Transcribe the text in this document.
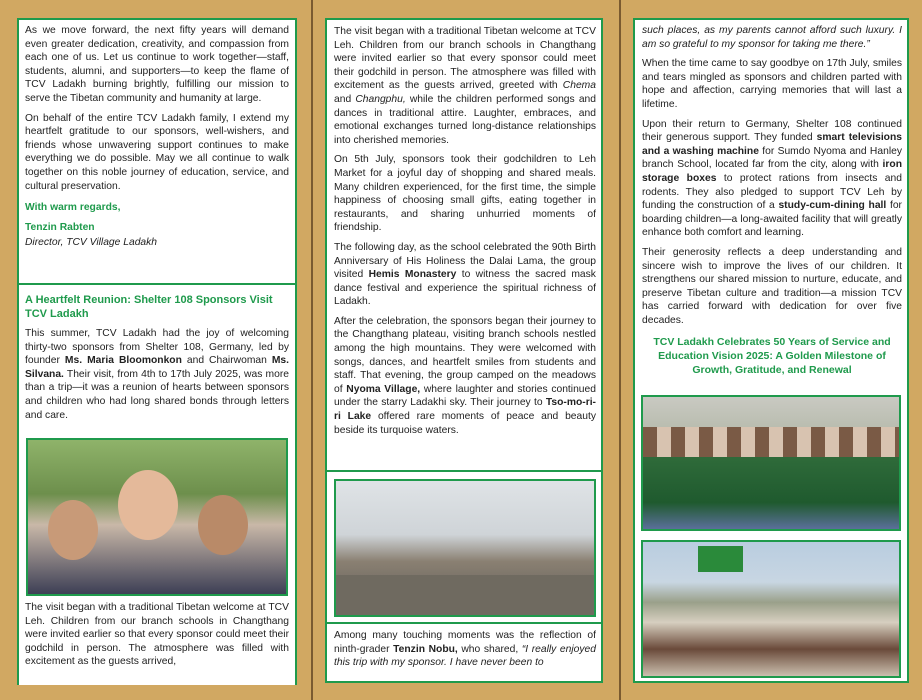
As we move forward, the next fifty years will demand even greater dedication, creativity, and compassion from each one of us. Let us continue to work together—staff, students, alumni, and supporters—to keep the flame of TCV Ladakh burning brightly, fulfilling our mission to serve the Tibetan community and humanity at large.

On behalf of the entire TCV Ladakh family, I extend my heartfelt gratitude to our sponsors, well-wishers, and friends whose unwavering support continues to make everything we do possible. May we all continue to walk together on this noble journey of education, service, and cultural preservation.

With warm regards,

Tenzin Rabten

Director, TCV Village Ladakh

A Heartfelt Reunion: Shelter 108 Sponsors Visit TCV Ladakh

This summer, TCV Ladakh had the joy of welcoming thirty-two sponsors from Shelter 108, Germany, led by founder Ms. Maria Bloomonkon and Chairwoman Ms. Silvana. Their visit, from 4th to 17th July 2025, was more than a trip—it was a reunion of hearts between sponsors and children who had long shared bonds through letters and care.

The visit began with a traditional Tibetan welcome at TCV Leh. Children from our branch schools in Changthang were invited earlier so that every sponsor could meet their godchild in person. The atmosphere was filled with excitement as the guests arrived,

The visit began with a traditional Tibetan welcome at TCV Leh. Children from our branch schools in Changthang were invited earlier so that every sponsor could meet their godchild in person. The atmosphere was filled with excitement as the guests arrived, greeted with Chema and Changphu, while the children performed songs and dances in traditional attire. Laughter, embraces, and emotional exchanges turned long-distance relationships into cherished memories.

On 5th July, sponsors took their godchildren to Leh Market for a joyful day of shopping and shared meals. Many children experienced, for the first time, the simple happiness of choosing small gifts, eating together in restaurants, and sharing unhurried moments of friendship.

The following day, as the school celebrated the 90th Birth Anniversary of His Holiness the Dalai Lama, the group visited Hemis Monastery to witness the sacred mask dance festival and experience the spiritual richness of Ladakh.

After the celebration, the sponsors began their journey to the Changthang plateau, visiting branch schools nestled among the high mountains. They were welcomed with songs, dances, and heartfelt smiles from students and staff. That evening, the group camped on the meadows of Nyoma Village, where laughter and stories continued under the starry Ladakhi sky. Their journey to Tso-mo-ri-ri Lake offered rare moments of peace and beauty beside its turquoise waters.

Among many touching moments was the reflection of ninth-grader Tenzin Nobu, who shared, “I really enjoyed this trip with my sponsor. I have never been to

such places, as my parents cannot afford such luxury. I am so grateful to my sponsor for taking me there.”

When the time came to say goodbye on 17th July, smiles and tears mingled as sponsors and children parted with hope and affection, carrying memories that will last a lifetime.

Upon their return to Germany, Shelter 108 continued their generous support. They funded smart televisions and a washing machine for Sumdo Nyoma and Hanley branch School, located far from the city, along with iron storage boxes to protect rations from insects and rodents. They also pledged to support TCV Leh by funding the construction of a study-cum-dining hall for boarding children—a long-awaited facility that will greatly enhance both comfort and learning.

Their generosity reflects a deep understanding and sincere wish to improve the lives of our children. It strengthens our shared mission to nurture, educate, and preserve Tibetan culture and tradition—a mission TCV has carried forward with dedication for over five decades.

TCV Ladakh Celebrates 50 Years of Service and Education Vision 2025: A Golden Milestone of Growth, Gratitude, and Renewal
